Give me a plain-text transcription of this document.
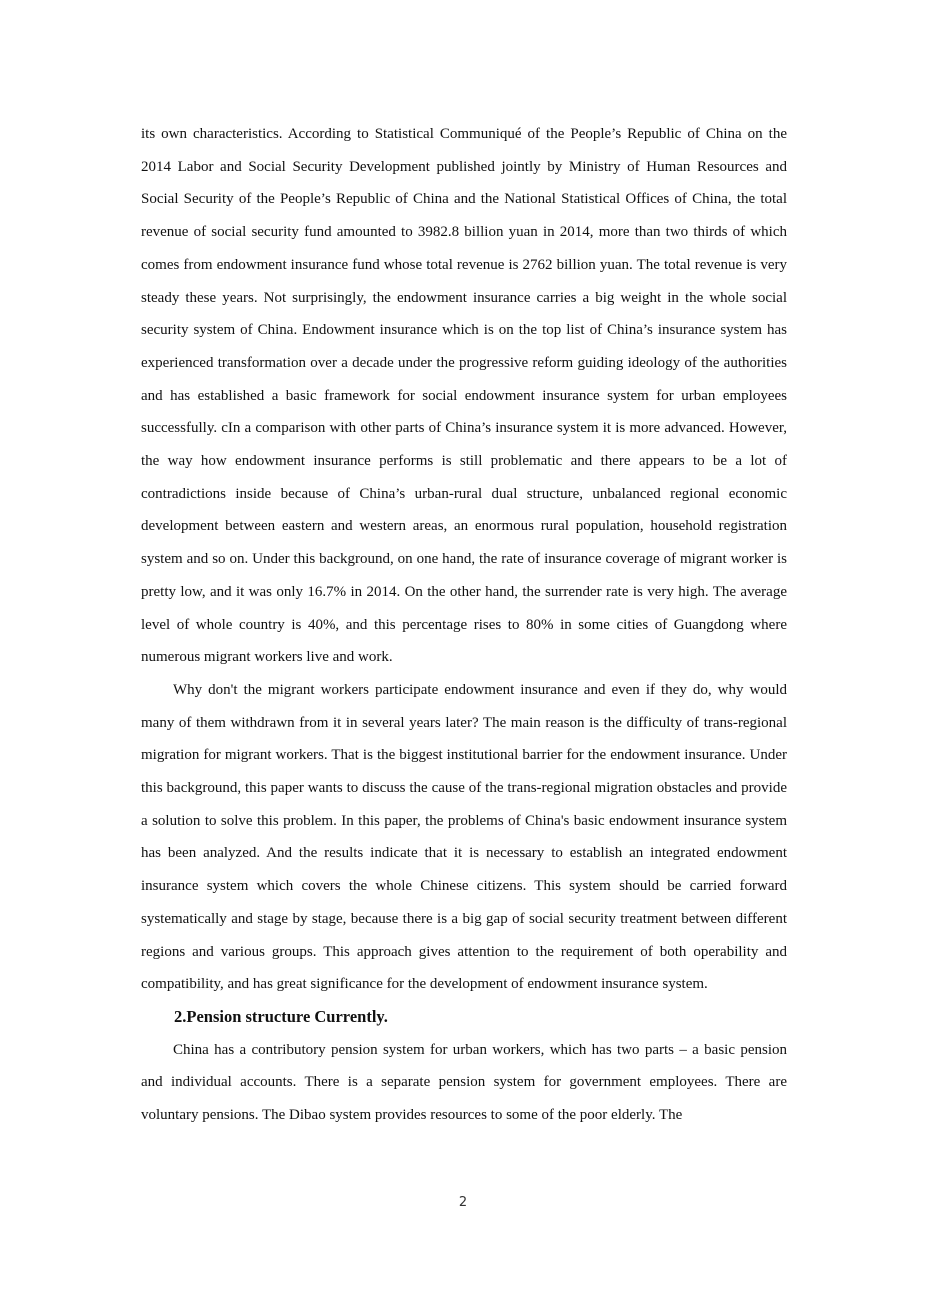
its own characteristics. According to Statistical Communiqué of the People’s Republic of China on the 2014 Labor and Social Security Development published jointly by Ministry of Human Resources and Social Security of the People’s Republic of China and the National Statistical Offices of China, the total revenue of social security fund amounted to 3982.8 billion yuan in 2014, more than two thirds of which comes from endowment insurance fund whose total revenue is 2762 billion yuan. The total revenue is very steady these years. Not surprisingly, the endowment insurance carries a big weight in the whole social security system of China. Endowment insurance which is on the top list of China’s insurance system has experienced transformation over a decade under the progressive reform guiding ideology of the authorities and has established a basic framework for social endowment insurance system for urban employees successfully. cIn a comparison with other parts of China’s insurance system it is more advanced. However, the way how endowment insurance performs is still problematic and there appears to be a lot of contradictions inside because of China’s urban-rural dual structure, unbalanced regional economic development between eastern and western areas, an enormous rural population, household registration system and so on. Under this background, on one hand, the rate of insurance coverage of migrant worker is pretty low, and it was only 16.7% in 2014. On the other hand, the surrender rate is very high. The average level of whole country is 40%, and this percentage rises to 80% in some cities of Guangdong where numerous migrant workers live and work.

Why don't the migrant workers participate endowment insurance and even if they do, why would many of them withdrawn from it in several years later? The main reason is the difficulty of trans-regional migration for migrant workers. That is the biggest institutional barrier for the endowment insurance. Under this background, this paper wants to discuss the cause of the trans-regional migration obstacles and provide a solution to solve this problem. In this paper, the problems of China's basic endowment insurance system has been analyzed. And the results indicate that it is necessary to establish an integrated endowment insurance system which covers the whole Chinese citizens. This system should be carried forward systematically and stage by stage, because there is a big gap of social security treatment between different regions and various groups. This approach gives attention to the requirement of both operability and compatibility, and has great significance for the development of endowment insurance system.

2.Pension structure Currently.

China has a contributory pension system for urban workers, which has two parts – a basic pension and individual accounts. There is a separate pension system for government employees. There are voluntary pensions. The Dibao system provides resources to some of the poor elderly. The

2
